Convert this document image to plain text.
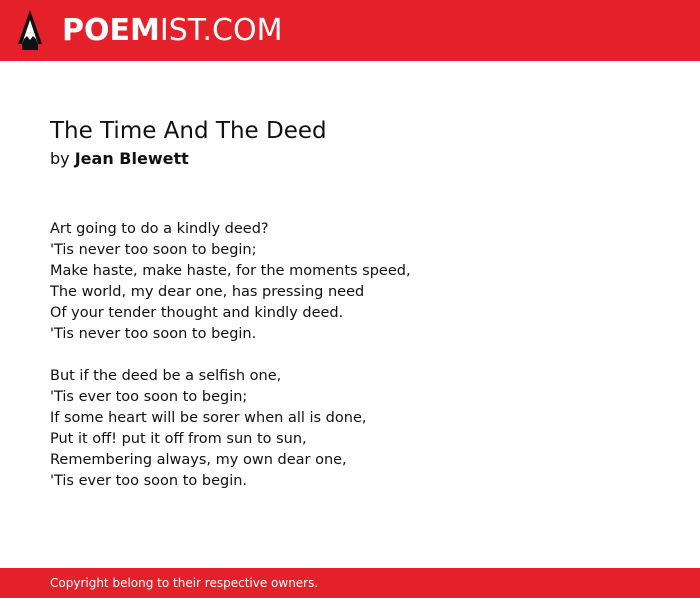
POEMIST.COM
The Time And The Deed
by Jean Blewett
Art going to do a kindly deed?
'Tis never too soon to begin;
Make haste, make haste, for the moments speed,
The world, my dear one, has pressing need
Of your tender thought and kindly deed.
'Tis never too soon to begin.
But if the deed be a selfish one,
'Tis ever too soon to begin;
If some heart will be sorer when all is done,
Put it off! put it off from sun to sun,
Remembering always, my own dear one,
'Tis ever too soon to begin.
Copyright belong to their respective owners.
